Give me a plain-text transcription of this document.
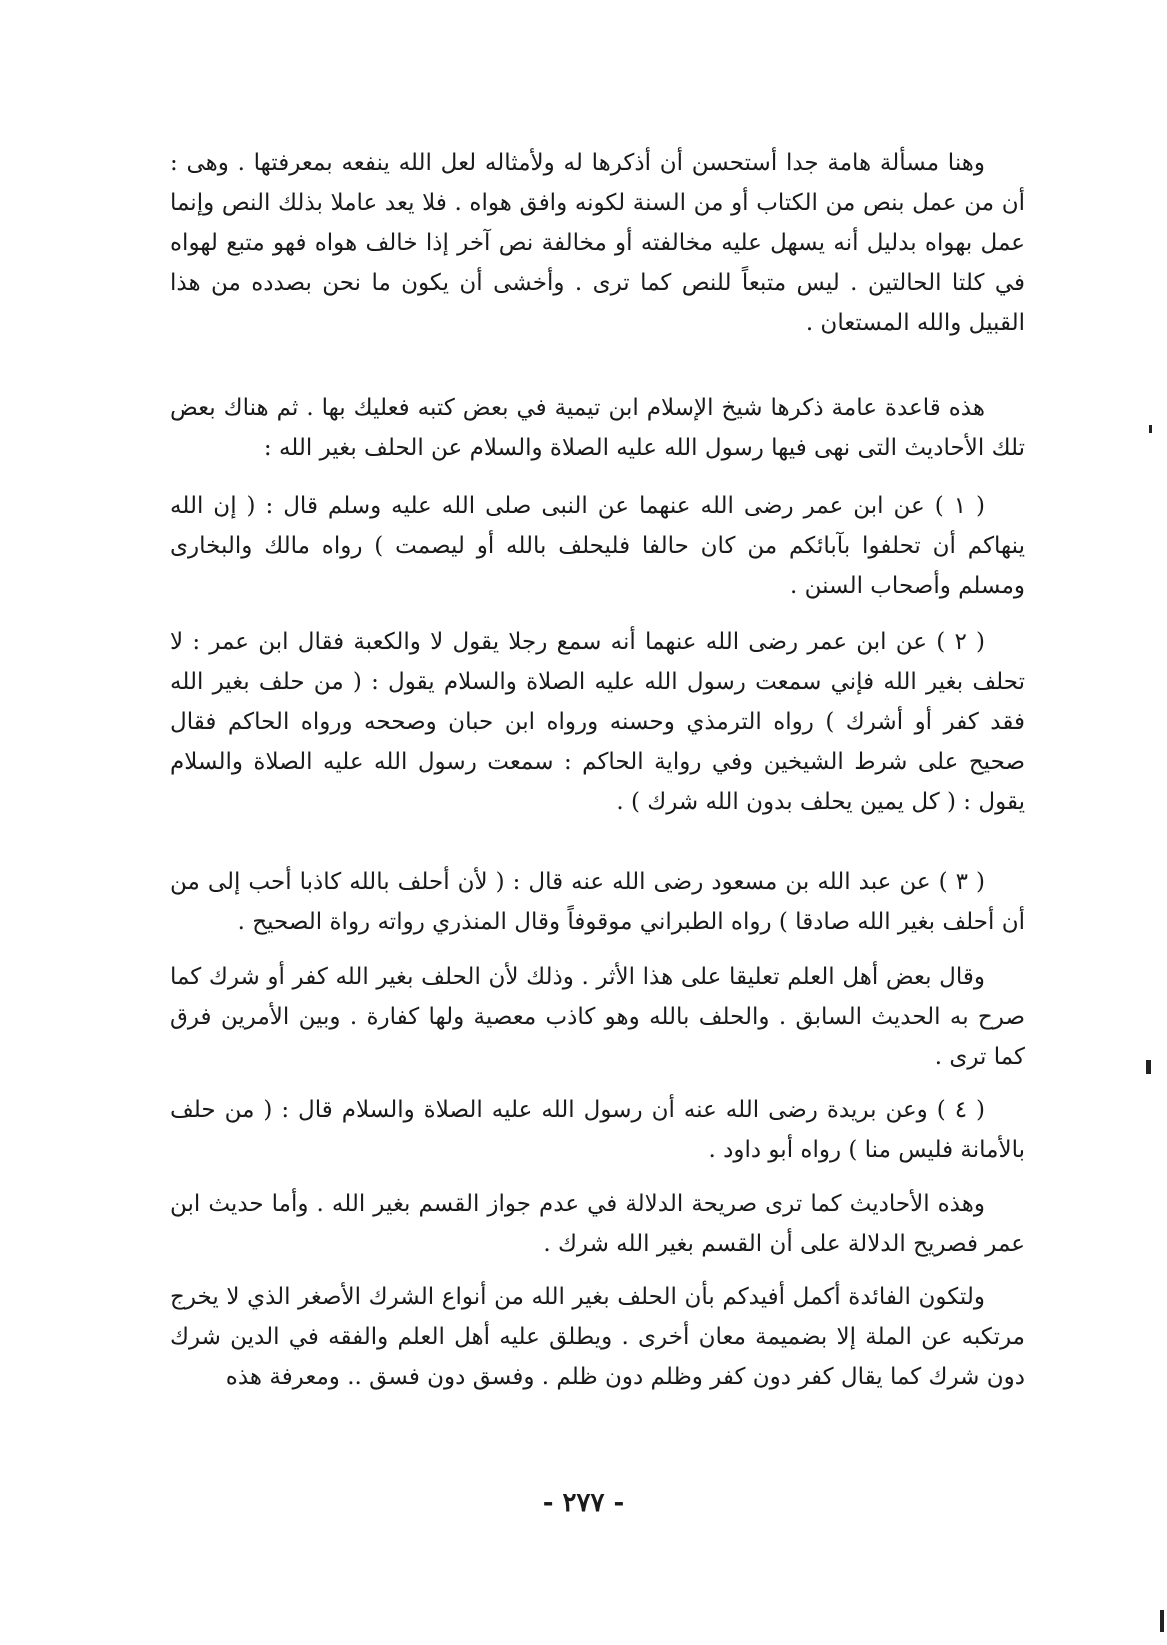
وهنا مسألة هامة جدا أستحسن أن أذكرها له ولأمثاله لعل الله ينفعه بمعرفتها . وهى : أن من عمل بنص من الكتاب أو من السنة لكونه وافق هواه . فلا يعد عاملا بذلك النص وإنما عمل بهواه بدليل أنه يسهل عليه مخالفته أو مخالفة نص آخر إذا خالف هواه فهو متبع لهواه في كلتا الحالتين . ليس متبعاً للنص كما ترى . وأخشى أن يكون ما نحن بصدده من هذا القبيل والله المستعان .

هذه قاعدة عامة ذكرها شيخ الإسلام ابن تيمية في بعض كتبه فعليك بها . ثم هناك بعض تلك الأحاديث التى نهى فيها رسول الله عليه الصلاة والسلام عن الحلف بغير الله :

( ١ ) عن ابن عمر رضى الله عنهما عن النبى صلى الله عليه وسلم قال : ( إن الله ينهاكم أن تحلفوا بآبائكم من كان حالفا فليحلف بالله أو ليصمت ) رواه مالك والبخارى ومسلم وأصحاب السنن .

( ٢ ) عن ابن عمر رضى الله عنهما أنه سمع رجلا يقول لا والكعبة فقال ابن عمر : لا تحلف بغير الله فإني سمعت رسول الله عليه الصلاة والسلام يقول : ( من حلف بغير الله فقد كفر أو أشرك ) رواه الترمذي وحسنه ورواه ابن حبان وصححه ورواه الحاكم فقال صحيح على شرط الشيخين وفي رواية الحاكم : سمعت رسول الله عليه الصلاة والسلام يقول : ( كل يمين يحلف بدون الله شرك ) .

( ٣ ) عن عبد الله بن مسعود رضى الله عنه قال : ( لأن أحلف بالله كاذبا أحب إلى من أن أحلف بغير الله صادقا ) رواه الطبراني موقوفاً وقال المنذري رواته رواة الصحيح .

وقال بعض أهل العلم تعليقا على هذا الأثر . وذلك لأن الحلف بغير الله كفر أو شرك كما صرح به الحديث السابق . والحلف بالله وهو كاذب معصية ولها كفارة . وبين الأمرين فرق كما ترى .

( ٤ ) وعن بريدة رضى الله عنه أن رسول الله عليه الصلاة والسلام قال : ( من حلف بالأمانة فليس منا ) رواه أبو داود .

وهذه الأحاديث كما ترى صريحة الدلالة في عدم جواز القسم بغير الله . وأما حديث ابن عمر فصريح الدلالة على أن القسم بغير الله شرك .

ولتكون الفائدة أكمل أفيدكم بأن الحلف بغير الله من أنواع الشرك الأصغر الذي لا يخرج مرتكبه عن الملة إلا بضميمة معان أخرى . ويطلق عليه أهل العلم والفقه في الدين شرك دون شرك كما يقال كفر دون كفر وظلم دون ظلم . وفسق دون فسق .. ومعرفة هذه

- ٢٧٧ -
